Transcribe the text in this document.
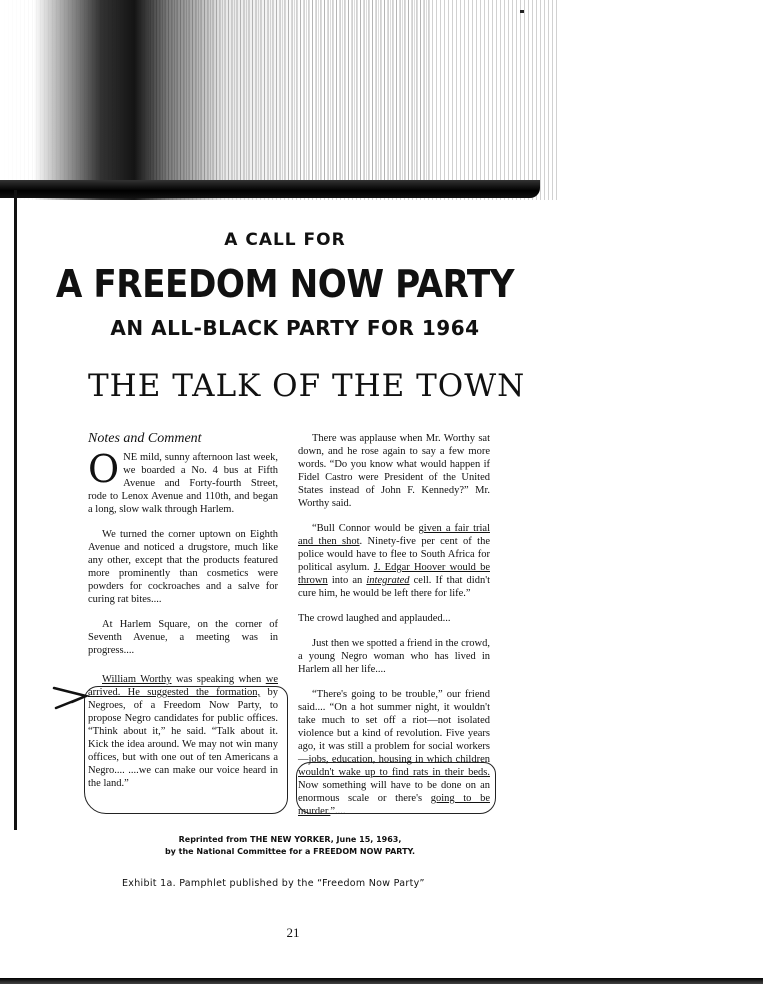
A CALL FOR
A FREEDOM NOW PARTY
AN ALL-BLACK PARTY FOR 1964
THE TALK OF THE TOWN
Notes and Comment

ONE mild, sunny afternoon last week, we boarded a No. 4 bus at Fifth Avenue and Forty-fourth Street, rode to Lenox Avenue and 110th, and began a long, slow walk through Harlem.

We turned the corner uptown on Eighth Avenue and noticed a drugstore, much like any other, except that the products featured more prominently than cosmetics were powders for cockroaches and a salve for curing rat bites....

At Harlem Square, on the corner of Seventh Avenue, a meeting was in progress....

William Worthy was speaking when we arrived. He suggested the formation, by Negroes, of a Freedom Now Party, to propose Negro candidates for public offices. “Think about it,” he said. “Talk about it. Kick the idea around. We may not win many offices, but with one out of ten Americans a Negro.... ....we can make our voice heard in the land.”

There was applause when Mr. Worthy sat down, and he rose again to say a few more words. “Do you know what would happen if Fidel Castro were President of the United States instead of John F. Kennedy?” Mr. Worthy said.

“Bull Connor would be given a fair trial and then shot. Ninety-five per cent of the police would have to flee to South Africa for political asylum. J. Edgar Hoover would be thrown into an integrated cell. If that didn't cure him, he would be left there for life.”

The crowd laughed and applauded...

Just then we spotted a friend in the crowd, a young Negro woman who has lived in Harlem all her life....

“There's going to be trouble,” our friend said.... “On a hot summer night, it wouldn't take much to set off a riot—not isolated violence but a kind of revolution. Five years ago, it was still a problem for social workers—jobs, education, housing in which children wouldn't wake up to find rats in their beds. Now something will have to be done on an enormous scale or there's going to be murder.”....

Reprinted from THE NEW YORKER, June 15, 1963,
by the National Committee for a FREEDOM NOW PARTY.
Exhibit 1a. Pamphlet published by the “Freedom Now Party”
21
